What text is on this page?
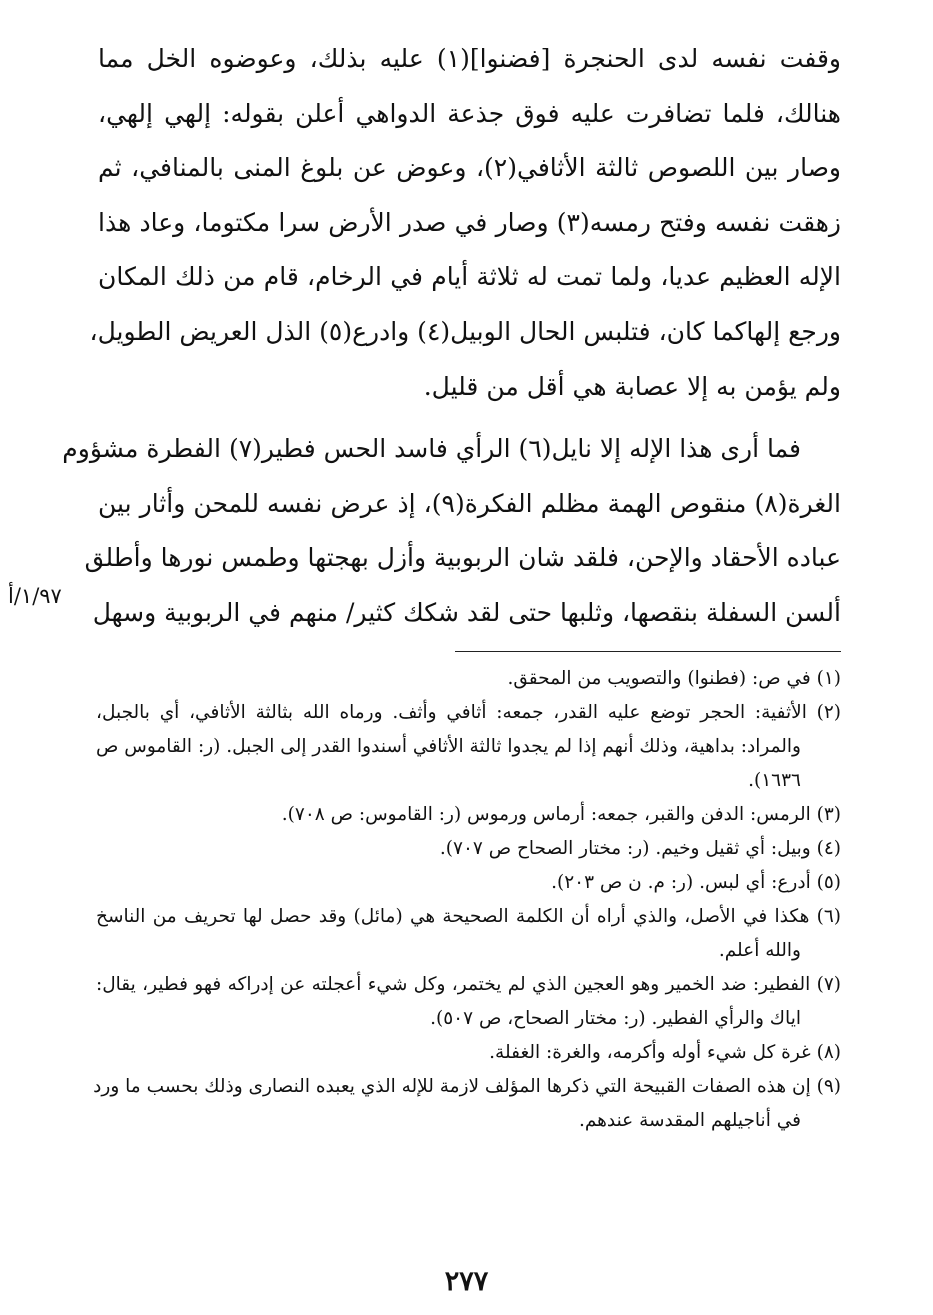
وقفت نفسه لدى الحنجرة [فضنوا](١) عليه بذلك، وعوضوه الخل مما
هنالك، فلما تضافرت عليه فوق جذعة الدواهي أعلن بقوله: إلهي إلهي،
وصار بين اللصوص ثالثة الأثافي(٢)، وعوض عن بلوغ المنى بالمنافي، ثم
زهقت نفسه وفتح رمسه(٣) وصار في صدر الأرض سرا مكتوما، وعاد هذا
الإله العظيم عديا، ولما تمت له ثلاثة أيام في الرخام، قام من ذلك المكان
ورجع إلهاكما كان، فتلبس الحال الوبيل(٤) وادرع(٥) الذل العريض الطويل،
ولم يؤمن به إلا عصابة هي أقل من قليل.
فما أرى هذا الإله إلا نايل(٦) الرأي فاسد الحس فطير(٧) الفطرة مشؤوم
الغرة(٨) منقوص الهمة مظلم الفكرة(٩)، إذ عرض نفسه للمحن وأثار بين
عباده الأحقاد والإحن، فلقد شان الربوبية وأزل بهجتها وطمس نورها وأطلق
ألسن السفلة بنقصها، وثلبها حتى لقد شكك كثير/ منهم في الربوبية وسهل
١/٩٧/أ
(١) في ص: (فطنوا) والتصويب من المحقق.
(٢) الأثفية: الحجر توضع عليه القدر، جمعه: أثافي وأثف. ورماه الله بثالثة الأثافي، أي بالجبل،
والمراد: بداهية، وذلك أنهم إذا لم يجدوا ثالثة الأثافي أسندوا القدر إلى الجبل. (ر: القاموس ص
١٦٣٦).
(٣) الرمس: الدفن والقبر، جمعه: أرماس ورموس (ر: القاموس: ص ٧٠٨).
(٤) وبيل: أي ثقيل وخيم. (ر: مختار الصحاح ص ٧٠٧).
(٥) أدرع: أي لبس. (ر: م. ن ص ٢٠٣).
(٦) هكذا في الأصل، والذي أراه أن الكلمة الصحيحة هي (مائل) وقد حصل لها تحريف من الناسخ
والله أعلم.
(٧) الفطير: ضد الخمير وهو العجين الذي لم يختمر، وكل شيء أعجلته عن إدراكه فهو فطير، يقال:
اياك والرأي الفطير. (ر: مختار الصحاح، ص ٥٠٧).
(٨) غرة كل شيء أوله وأكرمه، والغرة: الغفلة.
(٩) إن هذه الصفات القبيحة التي ذكرها المؤلف لازمة للإله الذي يعبده النصارى وذلك بحسب ما ورد
في أناجيلهم المقدسة عندهم.
٢٧٧
